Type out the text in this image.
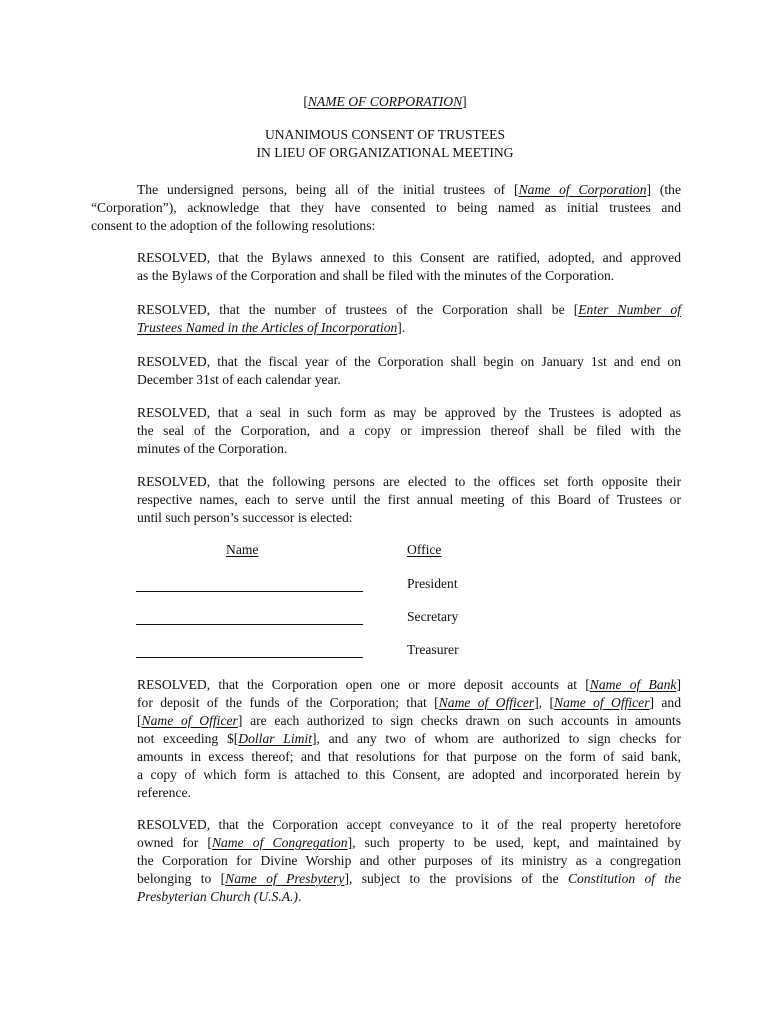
[NAME OF CORPORATION]
UNANIMOUS CONSENT OF TRUSTEES
IN LIEU OF ORGANIZATIONAL MEETING
The undersigned persons, being all of the initial trustees of [Name of Corporation] (the
“Corporation”), acknowledge that they have consented to being named as initial trustees and
consent to the adoption of the following resolutions:
RESOLVED, that the Bylaws annexed to this Consent are ratified, adopted, and approved
as the Bylaws of the Corporation and shall be filed with the minutes of the Corporation.
RESOLVED, that the number of trustees of the Corporation shall be [Enter Number of
Trustees Named in the Articles of Incorporation].
RESOLVED, that the fiscal year of the Corporation shall begin on January 1st and end on
December 31st of each calendar year.
RESOLVED, that a seal in such form as may be approved by the Trustees is adopted as
the seal of the Corporation, and a copy or impression thereof shall be filed with the
minutes of the Corporation.
RESOLVED, that the following persons are elected to the offices set forth opposite their
respective names, each to serve until the first annual meeting of this Board of Trustees or
until such person’s successor is elected:
Name	Office
President
Secretary
Treasurer
RESOLVED, that the Corporation open one or more deposit accounts at [Name of Bank]
for deposit of the funds of the Corporation; that [Name of Officer], [Name of Officer] and
[Name of Officer] are each authorized to sign checks drawn on such accounts in amounts
not exceeding $[Dollar Limit], and any two of whom are authorized to sign checks for
amounts in excess thereof; and that resolutions for that purpose on the form of said bank,
a copy of which form is attached to this Consent, are adopted and incorporated herein by
reference.
RESOLVED, that the Corporation accept conveyance to it of the real property heretofore
owned for [Name of Congregation], such property to be used, kept, and maintained by
the Corporation for Divine Worship and other purposes of its ministry as a congregation
belonging to [Name of Presbytery], subject to the provisions of the Constitution of the
Presbyterian Church (U.S.A.).
